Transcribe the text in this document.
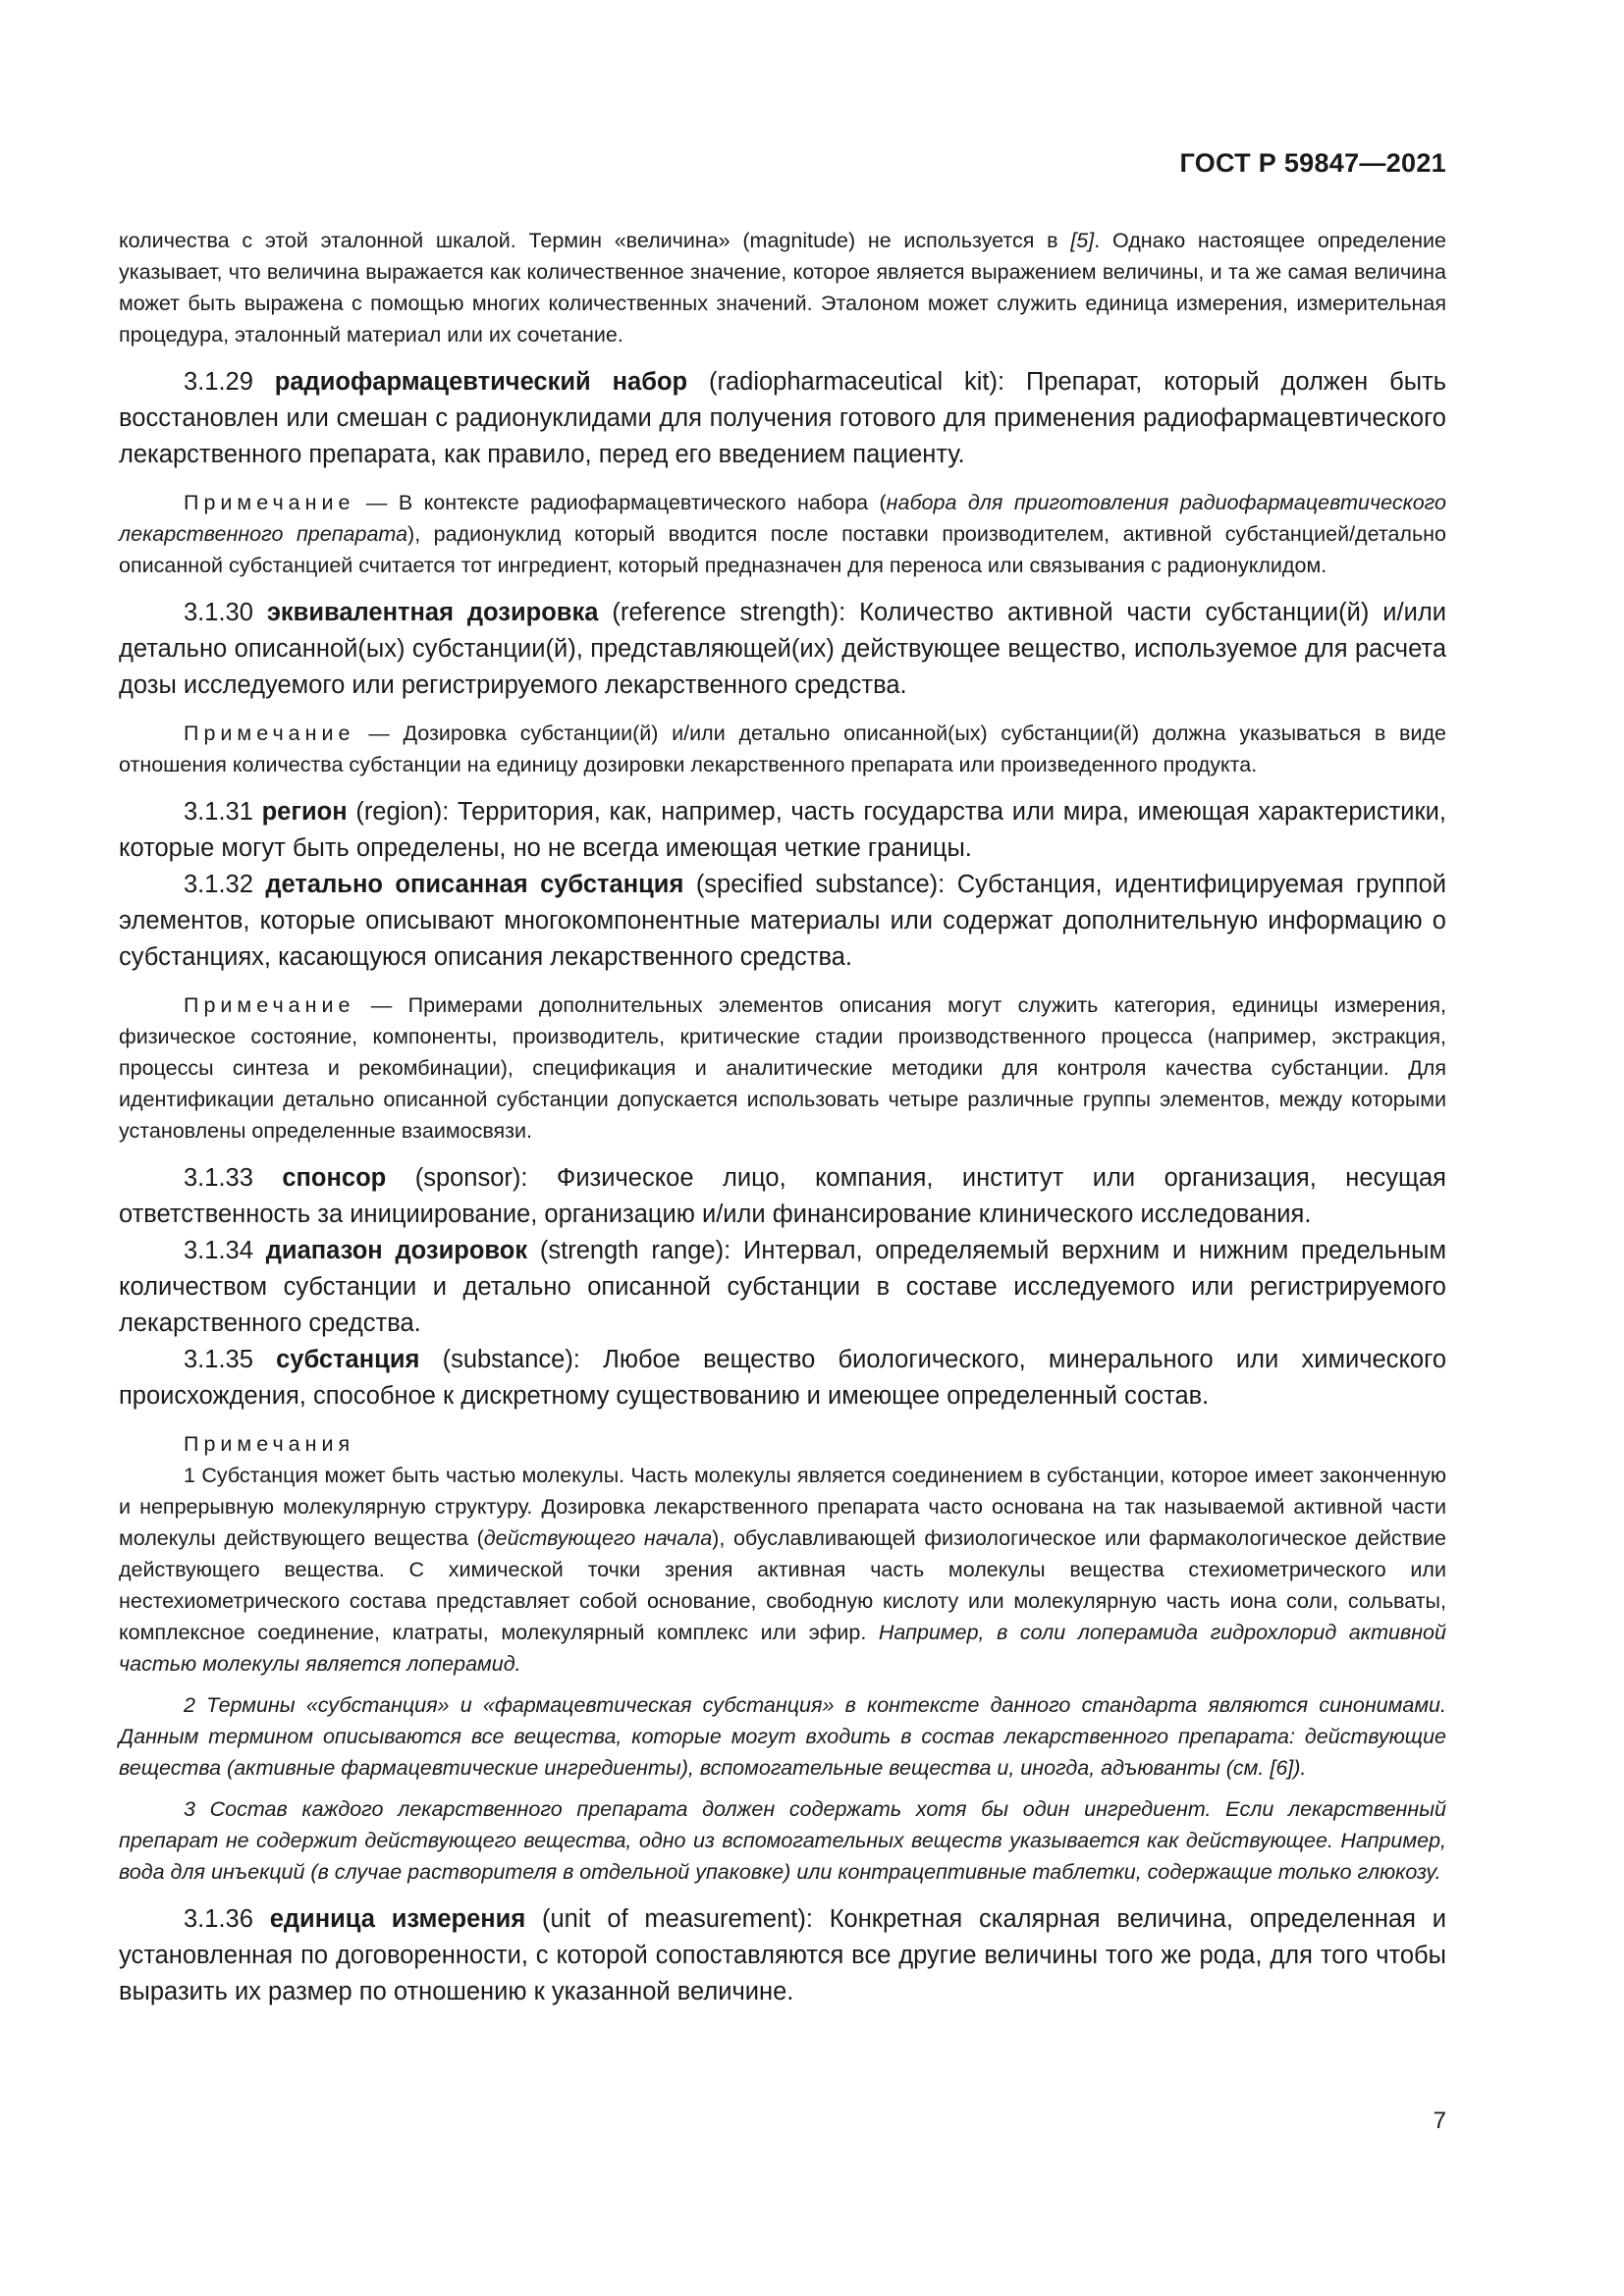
ГОСТ Р 59847—2021

количества с этой эталонной шкалой. Термин «величина» (magnitude) не используется в [5]. Однако настоящее определение указывает, что величина выражается как количественное значение, которое является выражением величины, и та же самая величина может быть выражена с помощью многих количественных значений. Эталоном может служить единица измерения, измерительная процедура, эталонный материал или их сочетание.

3.1.29 радиофармацевтический набор (radiopharmaceutical kit): Препарат, который должен быть восстановлен или смешан с радионуклидами для получения готового для применения радиофармацевтического лекарственного препарата, как правило, перед его введением пациенту.

Примечание — В контексте радиофармацевтического набора (набора для приготовления радиофармацевтического лекарственного препарата), радионуклид который вводится после поставки производителем, активной субстанцией/детально описанной субстанцией считается тот ингредиент, который предназначен для переноса или связывания с радионуклидом.

3.1.30 эквивалентная дозировка (reference strength): Количество активной части субстанции(й) и/или детально описанной(ых) субстанции(й), представляющей(их) действующее вещество, используемое для расчета дозы исследуемого или регистрируемого лекарственного средства.

Примечание — Дозировка субстанции(й) и/или детально описанной(ых) субстанции(й) должна указываться в виде отношения количества субстанции на единицу дозировки лекарственного препарата или произведенного продукта.

3.1.31 регион (region): Территория, как, например, часть государства или мира, имеющая характеристики, которые могут быть определены, но не всегда имеющая четкие границы.

3.1.32 детально описанная субстанция (specified substance): Субстанция, идентифицируемая группой элементов, которые описывают многокомпонентные материалы или содержат дополнительную информацию о субстанциях, касающуюся описания лекарственного средства.

Примечание — Примерами дополнительных элементов описания могут служить категория, единицы измерения, физическое состояние, компоненты, производитель, критические стадии производственного процесса (например, экстракция, процессы синтеза и рекомбинации), спецификация и аналитические методики для контроля качества субстанции. Для идентификации детально описанной субстанции допускается использовать четыре различные группы элементов, между которыми установлены определенные взаимосвязи.

3.1.33 спонсор (sponsor): Физическое лицо, компания, институт или организация, несущая ответственность за инициирование, организацию и/или финансирование клинического исследования.

3.1.34 диапазон дозировок (strength range): Интервал, определяемый верхним и нижним предельным количеством субстанции и детально описанной субстанции в составе исследуемого или регистрируемого лекарственного средства.

3.1.35 субстанция (substance): Любое вещество биологического, минерального или химического происхождения, способное к дискретному существованию и имеющее определенный состав.

Примечания

1 Субстанция может быть частью молекулы. Часть молекулы является соединением в субстанции, которое имеет законченную и непрерывную молекулярную структуру. Дозировка лекарственного препарата часто основана на так называемой активной части молекулы действующего вещества (действующего начала), обуславливающей физиологическое или фармакологическое действие действующего вещества. С химической точки зрения активная часть молекулы вещества стехиометрического или нестехиометрического состава представляет собой основание, свободную кислоту или молекулярную часть иона соли, сольваты, комплексное соединение, клатраты, молекулярный комплекс или эфир. Например, в соли лоперамида гидрохлорид активной частью молекулы является лоперамид.

2 Термины «субстанция» и «фармацевтическая субстанция» в контексте данного стандарта являются синонимами. Данным термином описываются все вещества, которые могут входить в состав лекарственного препарата: действующие вещества (активные фармацевтические ингредиенты), вспомогательные вещества и, иногда, адъюванты (см. [6]).

3 Состав каждого лекарственного препарата должен содержать хотя бы один ингредиент. Если лекарственный препарат не содержит действующего вещества, одно из вспомогательных веществ указывается как действующее. Например, вода для инъекций (в случае растворителя в отдельной упаковке) или контрацептивные таблетки, содержащие только глюкозу.

3.1.36 единица измерения (unit of measurement): Конкретная скалярная величина, определенная и установленная по договоренности, с которой сопоставляются все другие величины того же рода, для того чтобы выразить их размер по отношению к указанной величине.

7
